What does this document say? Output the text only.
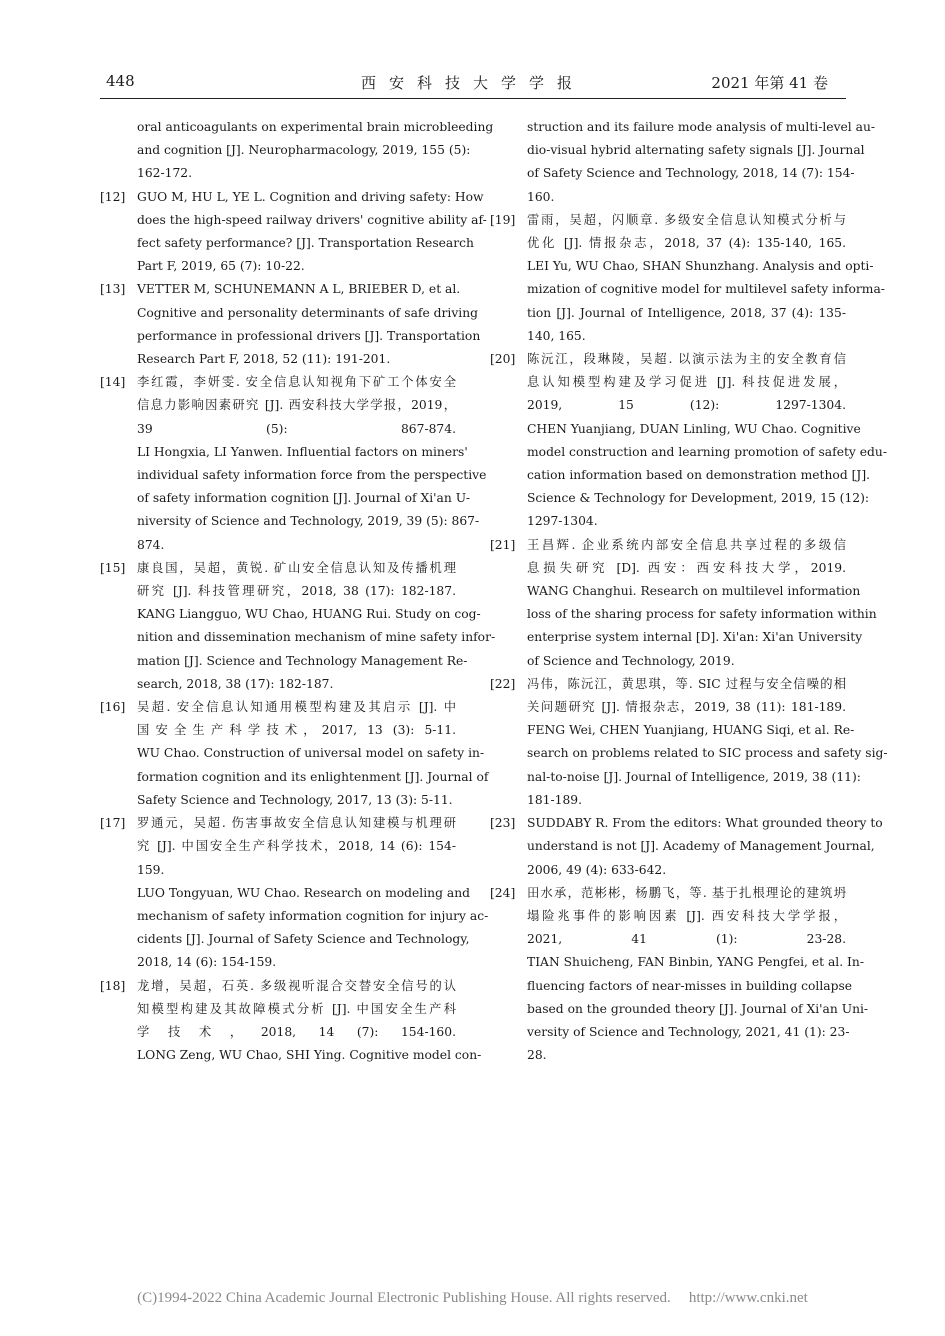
448	西安科技大学学报	2021 年第 41 卷
oral anticoagulants on experimental brain microbleeding
and cognition [J]. Neuropharmacology, 2019, 155 (5):
162-172.
[12] GUO M, HU L, YE L. Cognition and driving safety: How
does the high-speed railway drivers' cognitive ability af-
fect safety performance? [J]. Transportation Research
Part F, 2019, 65 (7): 10-22.
[13] VETTER M, SCHUNEMANN A L, BRIEBER D, et al.
Cognitive and personality determinants of safe driving
performance in professional drivers [J]. Transportation
Research Part F, 2018, 52 (11): 191-201.
[14] 李红霞，李妍雯. 安全信息认知视角下矿工个体安全
信息力影响因素研究 [J]. 西安科技大学学报，2019，
39 (5): 867-874.
LI Hongxia, LI Yanwen. Influential factors on miners'
individual safety information force from the perspective
of safety information cognition [J]. Journal of Xi'an U-
niversity of Science and Technology, 2019, 39 (5): 867-
874.
[15] 康良国，吴超，黄锐. 矿山安全信息认知及传播机理
研究 [J]. 科技管理研究，2018, 38 (17): 182-187.
KANG Liangguo, WU Chao, HUANG Rui. Study on cog-
nition and dissemination mechanism of mine safety infor-
mation [J]. Science and Technology Management Re-
search, 2018, 38 (17): 182-187.
[16] 吴超. 安全信息认知通用模型构建及其启示 [J]. 中
国安全生产科学技术，2017, 13 (3): 5-11.
WU Chao. Construction of universal model on safety in-
formation cognition and its enlightenment [J]. Journal of
Safety Science and Technology, 2017, 13 (3): 5-11.
[17] 罗通元，吴超. 伤害事故安全信息认知建模与机理研
究 [J]. 中国安全生产科学技术，2018, 14 (6): 154-
159.
LUO Tongyuan, WU Chao. Research on modeling and
mechanism of safety information cognition for injury ac-
cidents [J]. Journal of Safety Science and Technology,
2018, 14 (6): 154-159.
[18] 龙增，吴超，石英. 多级视听混合交替安全信号的认
知模型构建及其故障模式分析 [J]. 中国安全生产科
学技术，2018, 14 (7): 154-160.
LONG Zeng, WU Chao, SHI Ying. Cognitive model con-
struction and its failure mode analysis of multi-level au-
dio-visual hybrid alternating safety signals [J]. Journal
of Safety Science and Technology, 2018, 14 (7): 154-
160.
[19] 雷雨，吴超，闪顺章. 多级安全信息认知模式分析与
优化 [J]. 情报杂志，2018, 37 (4): 135-140, 165.
LEI Yu, WU Chao, SHAN Shunzhang. Analysis and opti-
mization of cognitive model for multilevel safety informa-
tion [J]. Journal of Intelligence, 2018, 37 (4): 135-
140, 165.
[20] 陈沅江，段琳陵，吴超. 以演示法为主的安全教育信
息认知模型构建及学习促进 [J]. 科技促进发展，
2019, 15 (12): 1297-1304.
CHEN Yuanjiang, DUAN Linling, WU Chao. Cognitive
model construction and learning promotion of safety edu-
cation information based on demonstration method [J].
Science & Technology for Development, 2019, 15 (12):
1297-1304.
[21] 王昌辉. 企业系统内部安全信息共享过程的多级信
息损失研究 [D]. 西安：西安科技大学，2019.
WANG Changhui. Research on multilevel information
loss of the sharing process for safety information within
enterprise system internal [D]. Xi'an: Xi'an University
of Science and Technology, 2019.
[22] 冯伟，陈沅江，黄思琪，等. SIC 过程与安全信噪的相
关问题研究 [J]. 情报杂志，2019, 38 (11): 181-189.
FENG Wei, CHEN Yuanjiang, HUANG Siqi, et al. Re-
search on problems related to SIC process and safety sig-
nal-to-noise [J]. Journal of Intelligence, 2019, 38 (11):
181-189.
[23] SUDDABY R. From the editors: What grounded theory to
understand is not [J]. Academy of Management Journal,
2006, 49 (4): 633-642.
[24] 田水承，范彬彬，杨鹏飞，等. 基于扎根理论的建筑坍
塌险兆事件的影响因素 [J]. 西安科技大学学报，
2021, 41 (1): 23-28.
TIAN Shuicheng, FAN Binbin, YANG Pengfei, et al. In-
fluencing factors of near-misses in building collapse
based on the grounded theory [J]. Journal of Xi'an Uni-
versity of Science and Technology, 2021, 41 (1): 23-
28.
(C)1994-2022 China Academic Journal Electronic Publishing House. All rights reserved. http://www.cnki.net
